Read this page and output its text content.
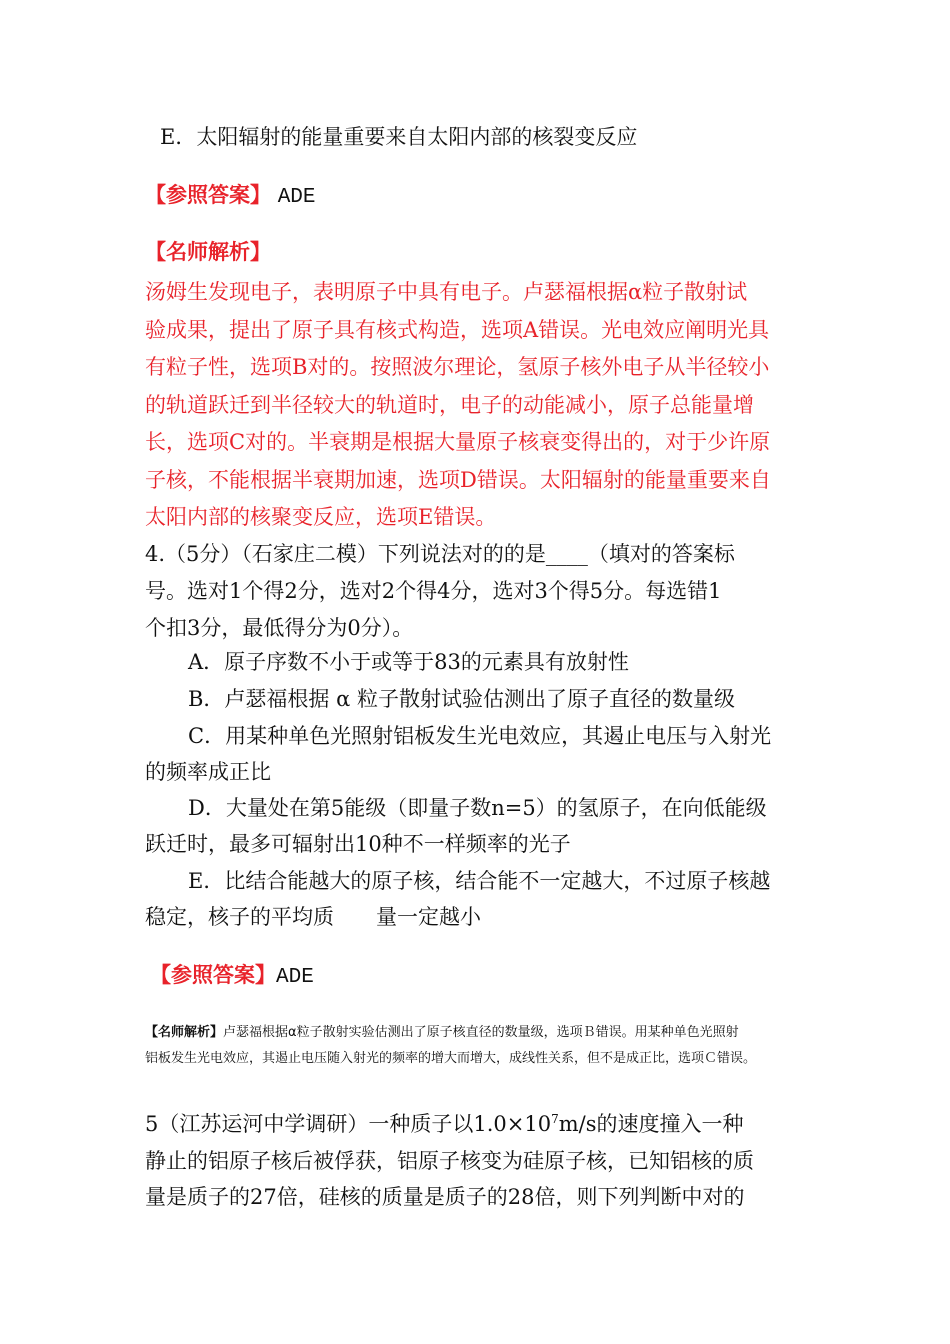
E．太阳辐射的能量重要来自太阳内部的核裂变反应
【参照答案】 ADE
【名师解析】
汤姆生发现电子，表明原子中具有电子。卢瑟福根据α粒子散射试
验成果，提出了原子具有核式构造，选项A错误。光电效应阐明光具
有粒子性，选项B对的。按照波尔理论，氢原子核外电子从半径较小
的轨道跃迁到半径较大的轨道时，电子的动能减小，原子总能量增
长，选项C对的。半衰期是根据大量原子核衰变得出的，对于少许原
子核，不能根据半衰期加速，选项D错误。太阳辐射的能量重要来自
太阳内部的核聚变反应，选项E错误。
4.（5分）（石家庄二模）下列说法对的的是____（填对的答案标
号。选对1个得2分，选对2个得4分，选对3个得5分。每选错1
个扣3分，最低得分为0分）。
A．原子序数不小于或等于83的元素具有放射性
B．卢瑟福根据 α 粒子散射试验估测出了原子直径的数量级
C．用某种单色光照射铝板发生光电效应，其遏止电压与入射光
的频率成正比
D．大量处在第5能级（即量子数n=5）的氢原子，在向低能级
跃迁时，最多可辐射出10种不一样频率的光子
E．比结合能越大的原子核，结合能不一定越大，不过原子核越
稳定，核子的平均质　　量一定越小
【参照答案】ADE
【名师解析】卢瑟福根据α粒子散射实验估测出了原子核直径的数量级，选项Ｂ错误。用某种单色光照射
铝板发生光电效应，其遏止电压随入射光的频率的增大而增大，成线性关系，但不是成正比，选项Ｃ错误。
5（江苏运河中学调研）一种质子以$1.0\times 10^7m/s$的速度撞入一种
静止的铝原子核后被俘获，铝原子核变为硅原子核，已知铝核的质
量是质子的27倍，硅核的质量是质子的28倍，则下列判断中对的
